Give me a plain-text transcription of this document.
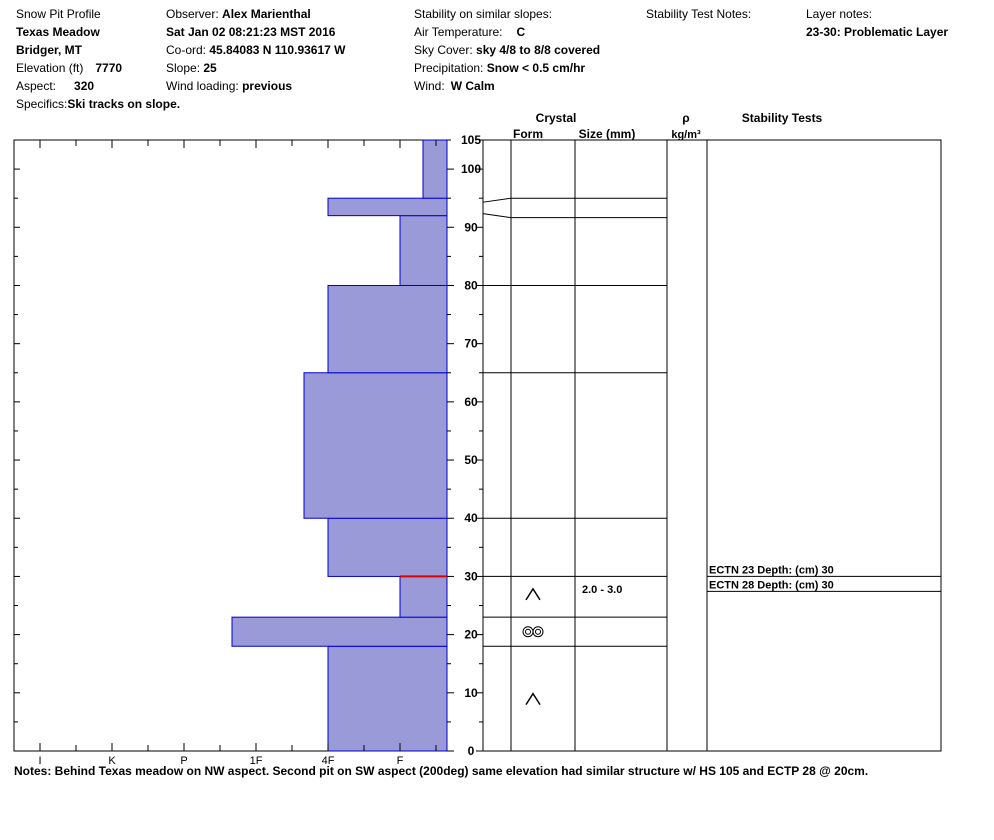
Snow Pit Profile
Texas Meadow
Bridger, MT
Elevation (ft) 7770
Aspect: 320
Specifics:Ski tracks on slope.
Observer: Alex Marienthal
Sat Jan 02 08:21:23 MST 2016
Co-ord: 45.84083 N 110.93617 W
Slope: 25
Wind loading: previous
Stability on similar slopes:
Air Temperature: C
Sky Cover: sky 4/8 to 8/8 covered
Precipitation: Snow < 0.5 cm/hr
Wind: W Calm
Stability Test Notes:	Layer notes:
23-30: Problematic Layer
Crystal
Form	Size (mm)
ρ
kg/m³
Stability Tests
I	K	P	1F	4F	F
0
10
20
30
40
50
60
70
80
90
100
105
2.0 - 3.0
ECTN 23 Depth: (cm) 30
ECTN 28 Depth: (cm) 30
Notes: Behind Texas meadow on NW aspect. Second pit on SW aspect (200deg) same elevation had similar structure w/ HS 105 and ECTP 28 @ 20cm.
